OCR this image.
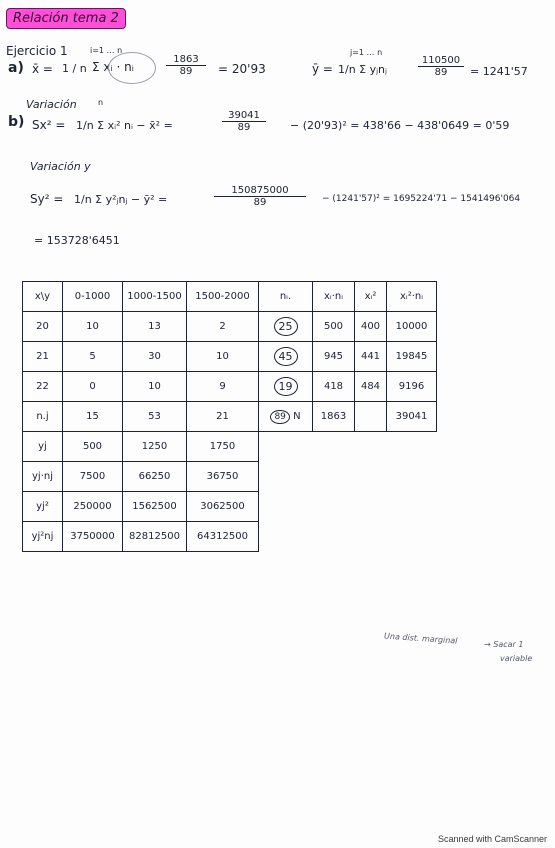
Relación tema 2
Ejercicio 1
a) x̄ = 1 / n Σ xᵢ · nᵢ
i=1 … n
$\frac{1863}{89} = 20'93$	ȳ = 1/n Σ yⱼnⱼ
j=1 … n
$\frac{110500}{89} = 1241'57$
Variación	n
b) Sx² = 1/n Σ xᵢ² nᵢ − x̄² =	$\frac{39041}{89} - (20'93)^2 = 438'66 - 438'0649 = 0'59$
Variación y
Sy² = 1/n Σ y²ⱼnⱼ − ȳ² =	$\frac{150875000}{89} - (1241'57)^2 = 1695224'71 - 1541496'064$
= 153728'6451
x\y	0-1000	1000-1500	1500-2000	nᵢ.	xᵢ·nᵢ	xᵢ²	xᵢ²·nᵢ
20	10	13	2	25	500	400	10000
21	5	30	10	45	945	441	19845
22	0	10	9	19	418	484	9196
n.j	15	53	21	89 N	1863		39041
yj	500	1250	1750				
yj·nj	7500	66250	36750				
yj²	250000	1562500	3062500				
yj²nj	3750000	82812500	64312500				
Una dist. marginal	→ Sacar 1
variable
Scanned with CamScanner
